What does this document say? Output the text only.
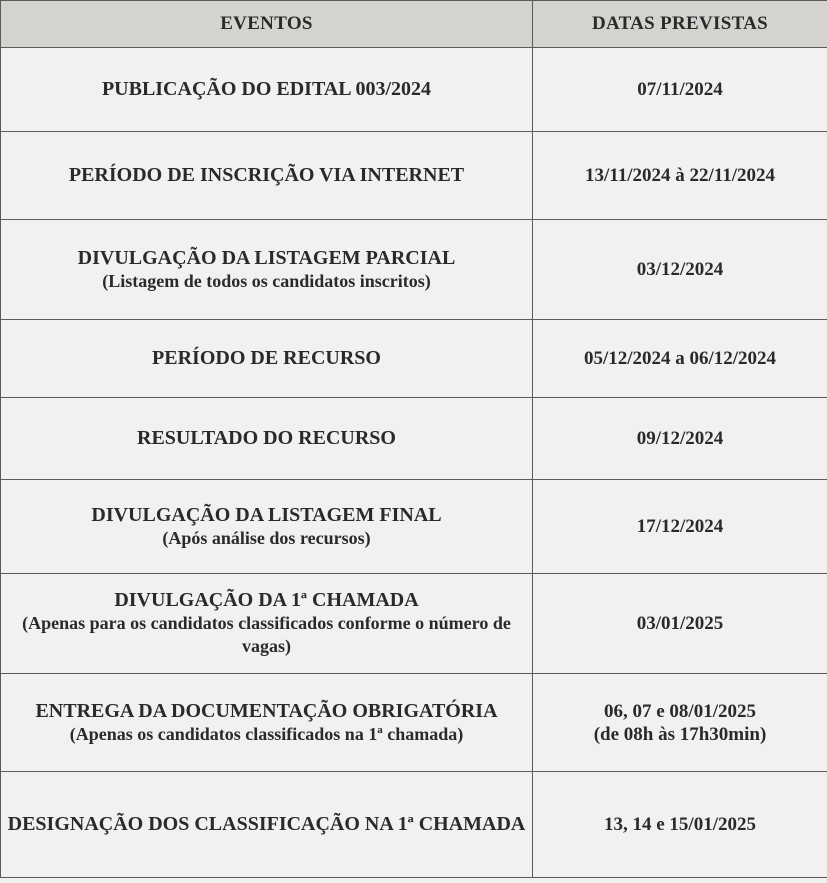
EVENTOS	DATAS PREVISTAS

PUBLICAÇÃO DO EDITAL 003/2024	07/11/2024

PERÍODO DE INSCRIÇÃO VIA INTERNET	13/11/2024 à 22/11/2024

DIVULGAÇÃO DA LISTAGEM PARCIAL
(Listagem de todos os candidatos inscritos)	03/12/2024

PERÍODO DE RECURSO	05/12/2024 a 06/12/2024

RESULTADO DO RECURSO	09/12/2024

DIVULGAÇÃO DA LISTAGEM FINAL
(Após análise dos recursos)	17/12/2024

DIVULGAÇÃO DA 1ª CHAMADA
(Apenas para os candidatos classificados conforme o número de vagas)	03/01/2025

ENTREGA DA DOCUMENTAÇÃO OBRIGATÓRIA
(Apenas os candidatos classificados na 1ª chamada)	06, 07 e 08/01/2025
(de 08h às 17h30min)

DESIGNAÇÃO DOS CLASSIFICAÇÃO NA 1ª CHAMADA	13, 14 e 15/01/2025
